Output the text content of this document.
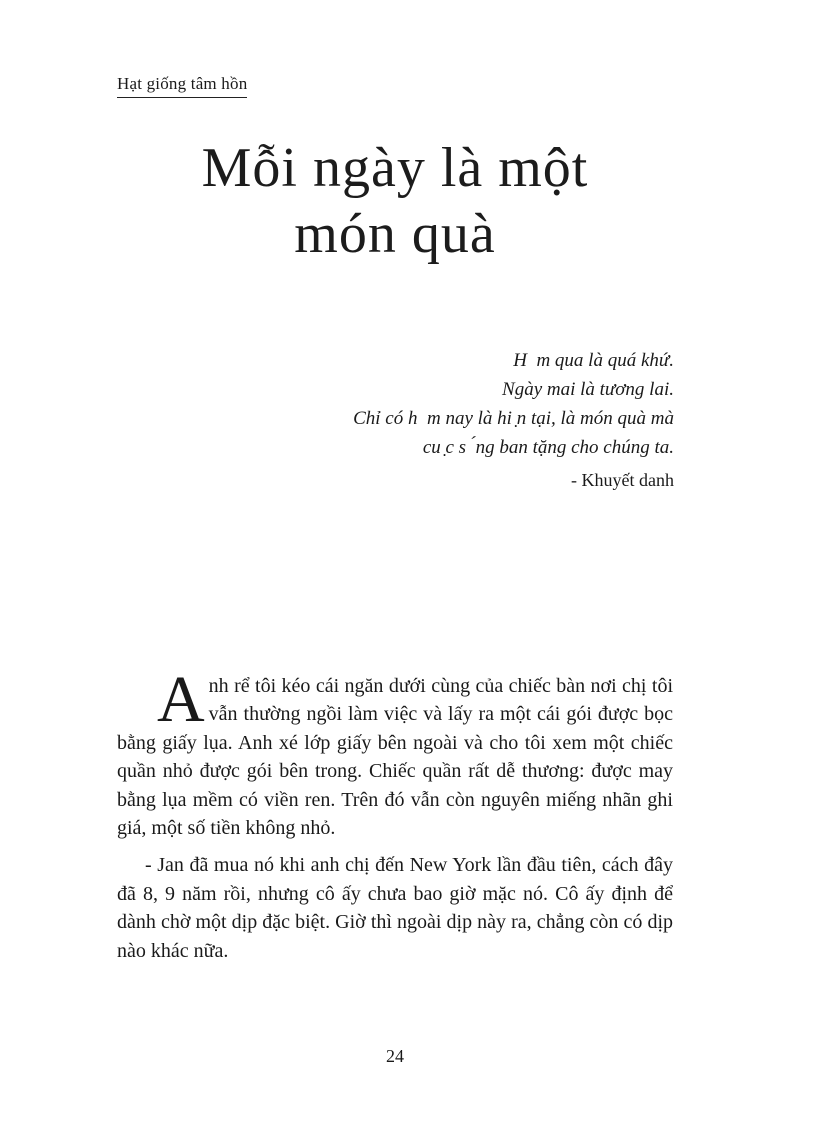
Hạt giống tâm hồn
Mỗi ngày là một
món quà
H  m qua là quá khứ.
Ngày mai là tương lai.
Chỉ có h  m nay là hi ̣n tại, là món quà mà
cu ̣c s  ́ng ban tặng cho chúng ta.
- Khuyết danh

Anh rể tôi kéo cái ngăn dưới cùng của chiếc bàn nơi chị tôi vẫn thường ngồi làm việc và lấy ra một cái gói được bọc bằng giấy lụa. Anh xé lớp giấy bên ngoài và cho tôi xem một chiếc quần nhỏ được gói bên trong. Chiếc quần rất dễ thương: được may bằng lụa mềm có viền ren. Trên đó vẫn còn nguyên miếng nhãn ghi giá, một số tiền không nhỏ.

- Jan đã mua nó khi anh chị đến New York lần đầu tiên, cách đây đã 8, 9 năm rồi, nhưng cô ấy chưa bao giờ mặc nó. Cô ấy định để dành chờ một dịp đặc biệt. Giờ thì ngoài dịp này ra, chẳng còn có dịp nào khác nữa.

24
